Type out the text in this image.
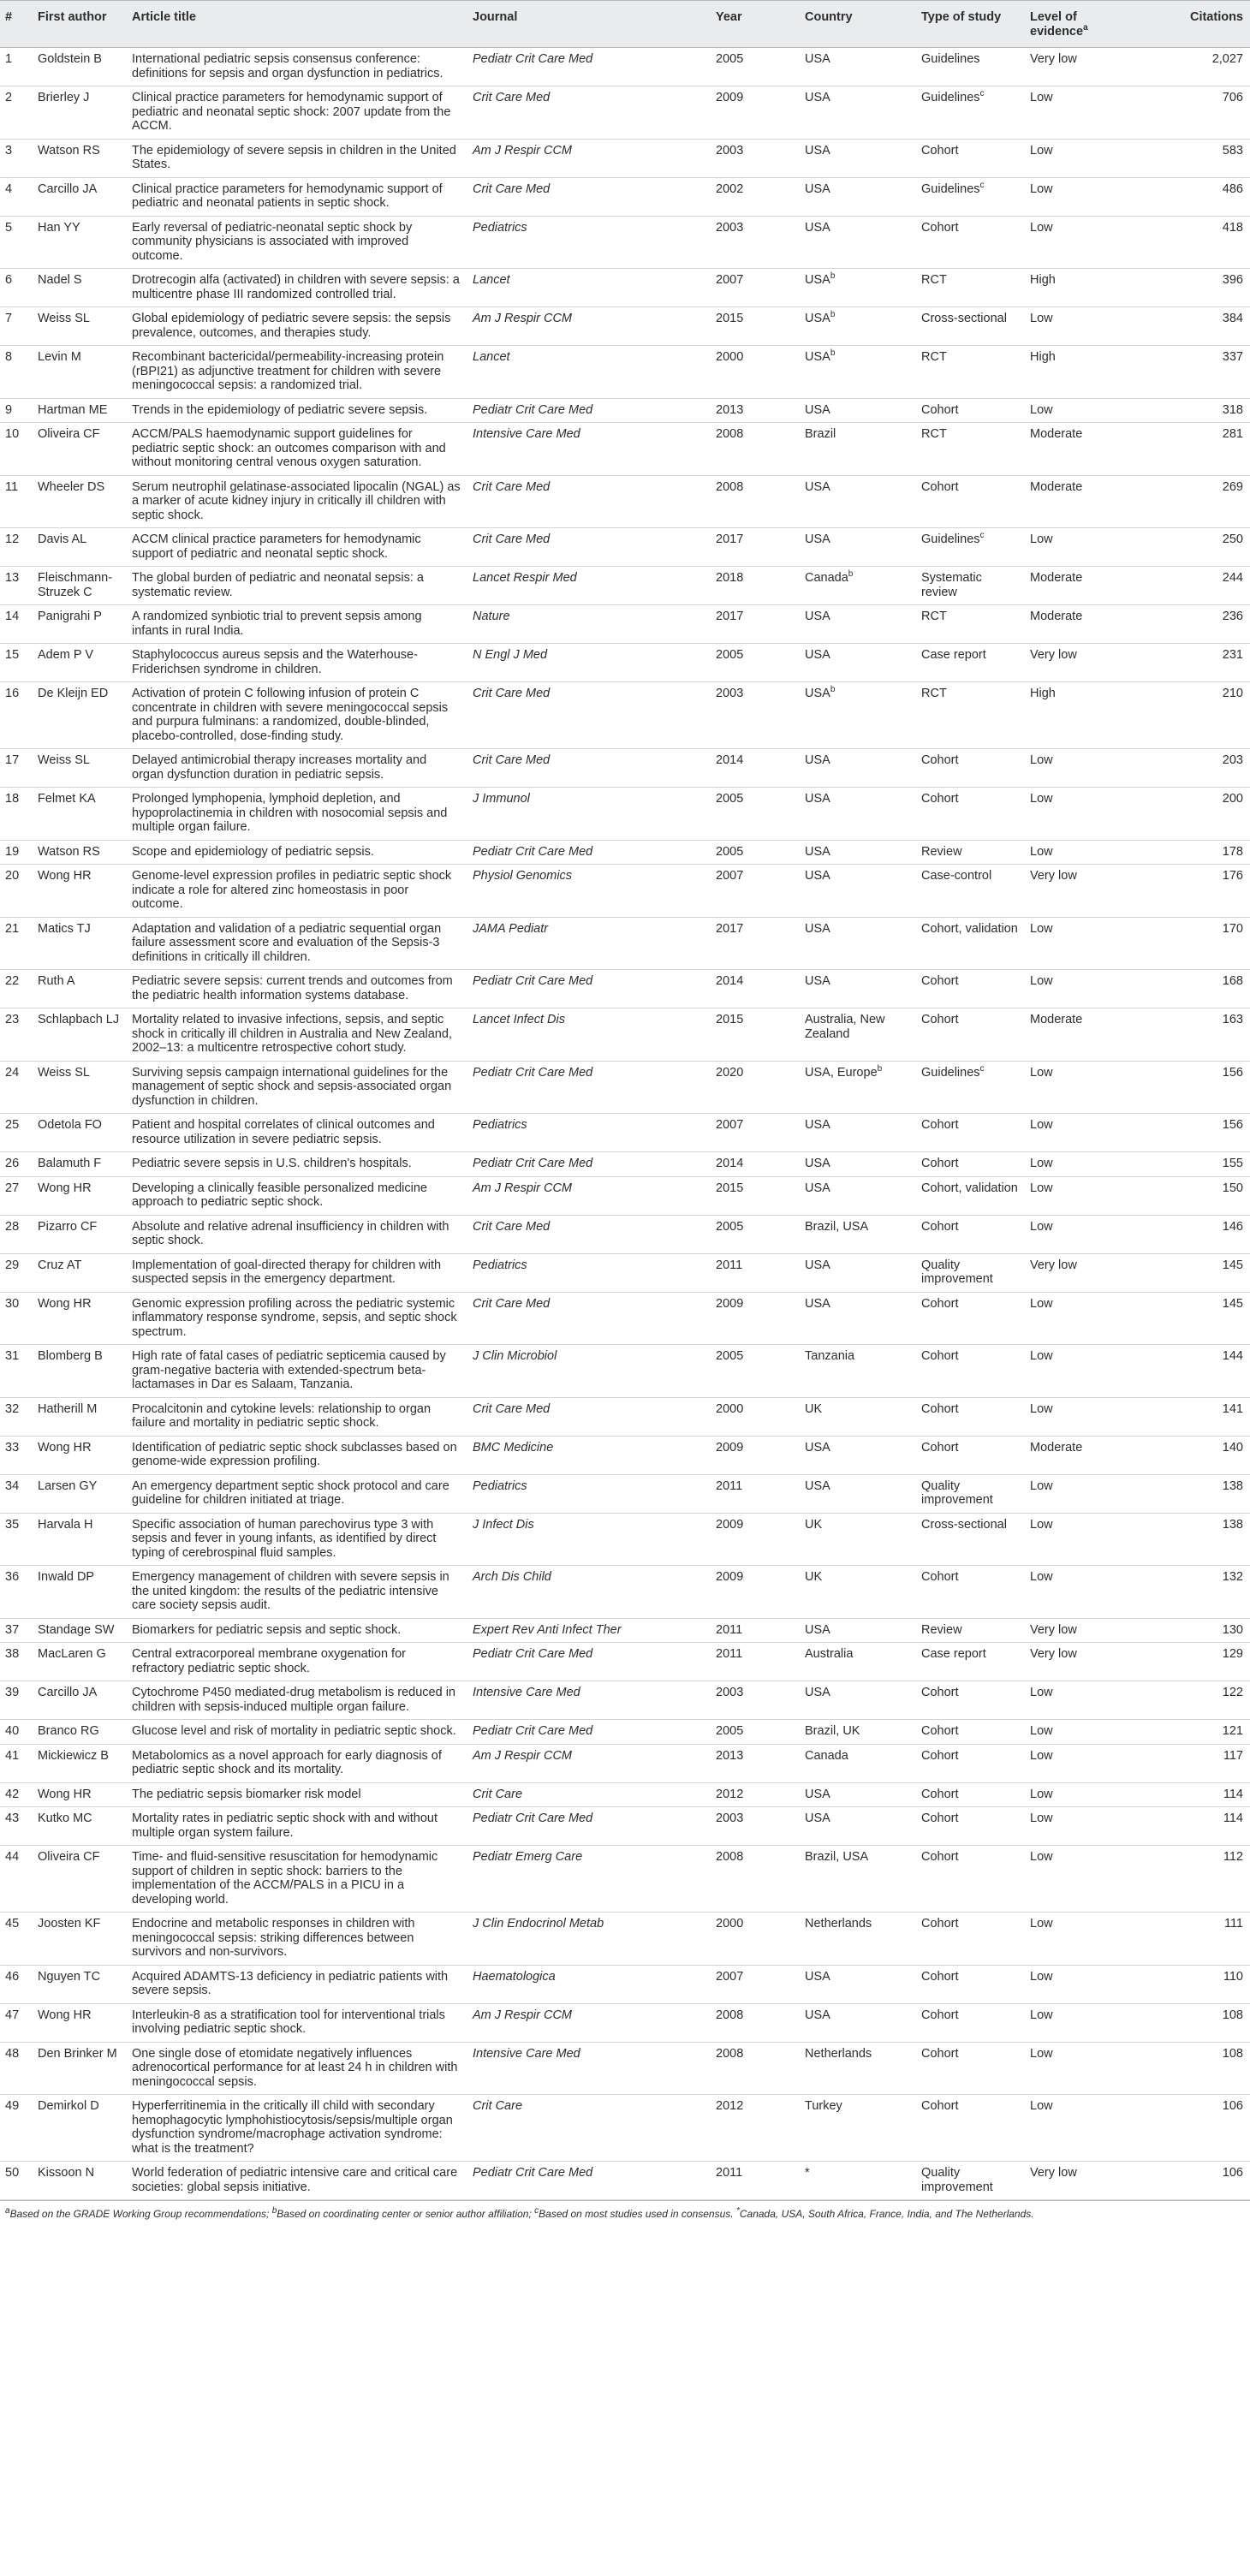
#	First author	Article title	Journal	Year	Country	Type of study	Level of evidence$^a$	Citations
1	Goldstein B	International pediatric sepsis consensus conference: definitions for sepsis and organ dysfunction in pediatrics.	Pediatr Crit Care Med	2005	USA	Guidelines	Very low	2,027
2	Brierley J	Clinical practice parameters for hemodynamic support of pediatric and neonatal septic shock: 2007 update from the ACCM.	Crit Care Med	2009	USA	Guidelines$^c$	Low	706
3	Watson RS	The epidemiology of severe sepsis in children in the United States.	Am J Respir CCM	2003	USA	Cohort	Low	583
4	Carcillo JA	Clinical practice parameters for hemodynamic support of pediatric and neonatal patients in septic shock.	Crit Care Med	2002	USA	Guidelines$^c$	Low	486
5	Han YY	Early reversal of pediatric-neonatal septic shock by community physicians is associated with improved outcome.	Pediatrics	2003	USA	Cohort	Low	418
6	Nadel S	Drotrecogin alfa (activated) in children with severe sepsis: a multicentre phase III randomized controlled trial.	Lancet	2007	USA$^b$	RCT	High	396
7	Weiss SL	Global epidemiology of pediatric severe sepsis: the sepsis prevalence, outcomes, and therapies study.	Am J Respir CCM	2015	USA$^b$	Cross-sectional	Low	384
8	Levin M	Recombinant bactericidal/permeability-increasing protein (rBPI21) as adjunctive treatment for children with severe meningococcal sepsis: a randomized trial.	Lancet	2000	USA$^b$	RCT	High	337
9	Hartman ME	Trends in the epidemiology of pediatric severe sepsis.	Pediatr Crit Care Med	2013	USA	Cohort	Low	318
10	Oliveira CF	ACCM/PALS haemodynamic support guidelines for pediatric septic shock: an outcomes comparison with and without monitoring central venous oxygen saturation.	Intensive Care Med	2008	Brazil	RCT	Moderate	281
11	Wheeler DS	Serum neutrophil gelatinase-associated lipocalin (NGAL) as a marker of acute kidney injury in critically ill children with septic shock.	Crit Care Med	2008	USA	Cohort	Moderate	269
12	Davis AL	ACCM clinical practice parameters for hemodynamic support of pediatric and neonatal septic shock.	Crit Care Med	2017	USA	Guidelines$^c$	Low	250
13	Fleischmann-Struzek C	The global burden of pediatric and neonatal sepsis: a systematic review.	Lancet Respir Med	2018	Canada$^b$	Systematic review	Moderate	244
14	Panigrahi P	A randomized synbiotic trial to prevent sepsis among infants in rural India.	Nature	2017	USA	RCT	Moderate	236
15	Adem P V	Staphylococcus aureus sepsis and the Waterhouse-Friderichsen syndrome in children.	N Engl J Med	2005	USA	Case report	Very low	231
16	De Kleijn ED	Activation of protein C following infusion of protein C concentrate in children with severe meningococcal sepsis and purpura fulminans: a randomized, double-blinded, placebo-controlled, dose-finding study.	Crit Care Med	2003	USA$^b$	RCT	High	210
17	Weiss SL	Delayed antimicrobial therapy increases mortality and organ dysfunction duration in pediatric sepsis.	Crit Care Med	2014	USA	Cohort	Low	203
18	Felmet KA	Prolonged lymphopenia, lymphoid depletion, and hypoprolactinemia in children with nosocomial sepsis and multiple organ failure.	J Immunol	2005	USA	Cohort	Low	200
19	Watson RS	Scope and epidemiology of pediatric sepsis.	Pediatr Crit Care Med	2005	USA	Review	Low	178
20	Wong HR	Genome-level expression profiles in pediatric septic shock indicate a role for altered zinc homeostasis in poor outcome.	Physiol Genomics	2007	USA	Case-control	Very low	176
21	Matics TJ	Adaptation and validation of a pediatric sequential organ failure assessment score and evaluation of the Sepsis-3 definitions in critically ill children.	JAMA Pediatr	2017	USA	Cohort, validation	Low	170
22	Ruth A	Pediatric severe sepsis: current trends and outcomes from the pediatric health information systems database.	Pediatr Crit Care Med	2014	USA	Cohort	Low	168
23	Schlapbach LJ	Mortality related to invasive infections, sepsis, and septic shock in critically ill children in Australia and New Zealand, 2002–13: a multicentre retrospective cohort study.	Lancet Infect Dis	2015	Australia, New Zealand	Cohort	Moderate	163
24	Weiss SL	Surviving sepsis campaign international guidelines for the management of septic shock and sepsis-associated organ dysfunction in children.	Pediatr Crit Care Med	2020	USA, Europe$^b$	Guidelines$^c$	Low	156
25	Odetola FO	Patient and hospital correlates of clinical outcomes and resource utilization in severe pediatric sepsis.	Pediatrics	2007	USA	Cohort	Low	156
26	Balamuth F	Pediatric severe sepsis in U.S. children's hospitals.	Pediatr Crit Care Med	2014	USA	Cohort	Low	155
27	Wong HR	Developing a clinically feasible personalized medicine approach to pediatric septic shock.	Am J Respir CCM	2015	USA	Cohort, validation	Low	150
28	Pizarro CF	Absolute and relative adrenal insufficiency in children with septic shock.	Crit Care Med	2005	Brazil, USA	Cohort	Low	146
29	Cruz AT	Implementation of goal-directed therapy for children with suspected sepsis in the emergency department.	Pediatrics	2011	USA	Quality improvement	Very low	145
30	Wong HR	Genomic expression profiling across the pediatric systemic inflammatory response syndrome, sepsis, and septic shock spectrum.	Crit Care Med	2009	USA	Cohort	Low	145
31	Blomberg B	High rate of fatal cases of pediatric septicemia caused by gram-negative bacteria with extended-spectrum beta-lactamases in Dar es Salaam, Tanzania.	J Clin Microbiol	2005	Tanzania	Cohort	Low	144
32	Hatherill M	Procalcitonin and cytokine levels: relationship to organ failure and mortality in pediatric septic shock.	Crit Care Med	2000	UK	Cohort	Low	141
33	Wong HR	Identification of pediatric septic shock subclasses based on genome-wide expression profiling.	BMC Medicine	2009	USA	Cohort	Moderate	140
34	Larsen GY	An emergency department septic shock protocol and care guideline for children initiated at triage.	Pediatrics	2011	USA	Quality improvement	Low	138
35	Harvala H	Specific association of human parechovirus type 3 with sepsis and fever in young infants, as identified by direct typing of cerebrospinal fluid samples.	J Infect Dis	2009	UK	Cross-sectional	Low	138
36	Inwald DP	Emergency management of children with severe sepsis in the united kingdom: the results of the pediatric intensive care society sepsis audit.	Arch Dis Child	2009	UK	Cohort	Low	132
37	Standage SW	Biomarkers for pediatric sepsis and septic shock.	Expert Rev Anti Infect Ther	2011	USA	Review	Very low	130
38	MacLaren G	Central extracorporeal membrane oxygenation for refractory pediatric septic shock.	Pediatr Crit Care Med	2011	Australia	Case report	Very low	129
39	Carcillo JA	Cytochrome P450 mediated-drug metabolism is reduced in children with sepsis-induced multiple organ failure.	Intensive Care Med	2003	USA	Cohort	Low	122
40	Branco RG	Glucose level and risk of mortality in pediatric septic shock.	Pediatr Crit Care Med	2005	Brazil, UK	Cohort	Low	121
41	Mickiewicz B	Metabolomics as a novel approach for early diagnosis of pediatric septic shock and its mortality.	Am J Respir CCM	2013	Canada	Cohort	Low	117
42	Wong HR	The pediatric sepsis biomarker risk model	Crit Care	2012	USA	Cohort	Low	114
43	Kutko MC	Mortality rates in pediatric septic shock with and without multiple organ system failure.	Pediatr Crit Care Med	2003	USA	Cohort	Low	114
44	Oliveira CF	Time- and fluid-sensitive resuscitation for hemodynamic support of children in septic shock: barriers to the implementation of the ACCM/PALS in a PICU in a developing world.	Pediatr Emerg Care	2008	Brazil, USA	Cohort	Low	112
45	Joosten KF	Endocrine and metabolic responses in children with meningococcal sepsis: striking differences between survivors and non-survivors.	J Clin Endocrinol Metab	2000	Netherlands	Cohort	Low	111
46	Nguyen TC	Acquired ADAMTS-13 deficiency in pediatric patients with severe sepsis.	Haematologica	2007	USA	Cohort	Low	110
47	Wong HR	Interleukin-8 as a stratification tool for interventional trials involving pediatric septic shock.	Am J Respir CCM	2008	USA	Cohort	Low	108
48	Den Brinker M	One single dose of etomidate negatively influences adrenocortical performance for at least 24 h in children with meningococcal sepsis.	Intensive Care Med	2008	Netherlands	Cohort	Low	108
49	Demirkol D	Hyperferritinemia in the critically ill child with secondary hemophagocytic lymphohistiocytosis/sepsis/multiple organ dysfunction syndrome/macrophage activation syndrome: what is the treatment?	Crit Care	2012	Turkey	Cohort	Low	106
50	Kissoon N	World federation of pediatric intensive care and critical care societies: global sepsis initiative.	Pediatr Crit Care Med	2011	*	Quality improvement	Very low	106
$^a$Based on the GRADE Working Group recommendations; $^b$Based on coordinating center or senior author affiliation; $^c$Based on most studies used in consensus. *Canada, USA, South Africa, France, India, and The Netherlands.
